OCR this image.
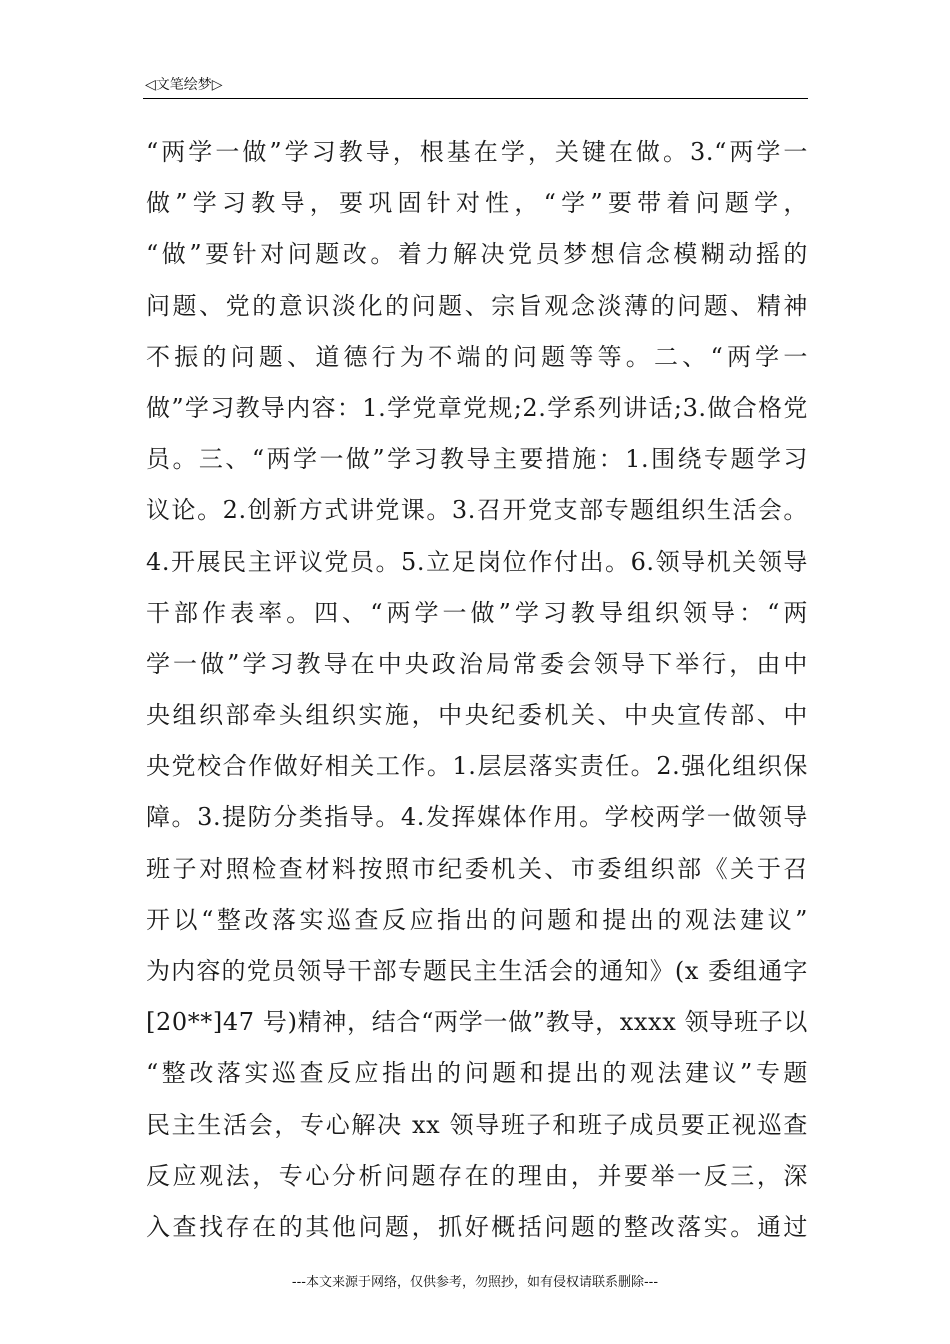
◁文笔绘梦▷
“两学一做”学习教导，根基在学，关键在做。3.“两学一
做”学习教导，要巩固针对性，“学”要带着问题学，
“做”要针对问题改。着力解决党员梦想信念模糊动摇的
问题、党的意识淡化的问题、宗旨观念淡薄的问题、精神
不振的问题、道德行为不端的问题等等。二、“两学一
做”学习教导内容：1.学党章党规;2.学系列讲话;3.做合格党
员。三、“两学一做”学习教导主要措施：1.围绕专题学习
议论。2.创新方式讲党课。3.召开党支部专题组织生活会。
4.开展民主评议党员。5.立足岗位作付出。6.领导机关领导
干部作表率。四、“两学一做”学习教导组织领导：“两
学一做”学习教导在中央政治局常委会领导下举行，由中
央组织部牵头组织实施，中央纪委机关、中央宣传部、中
央党校合作做好相关工作。1.层层落实责任。2.强化组织保
障。3.提防分类指导。4.发挥媒体作用。学校两学一做领导
班子对照检查材料按照市纪委机关、市委组织部《关于召
开以“整改落实巡查反应指出的问题和提出的观法建议”
为内容的党员领导干部专题民主生活会的通知》(x 委组通字
[20**]47 号)精神，结合“两学一做”教导，xxxx 领导班子以
“整改落实巡查反应指出的问题和提出的观法建议”专题
民主生活会，专心解决 xx 领导班子和班子成员要正视巡查
反应观法，专心分析问题存在的理由，并要举一反三，深
入查找存在的其他问题，抓好概括问题的整改落实。通过
---本文来源于网络，仅供参考，勿照抄，如有侵权请联系删除---
